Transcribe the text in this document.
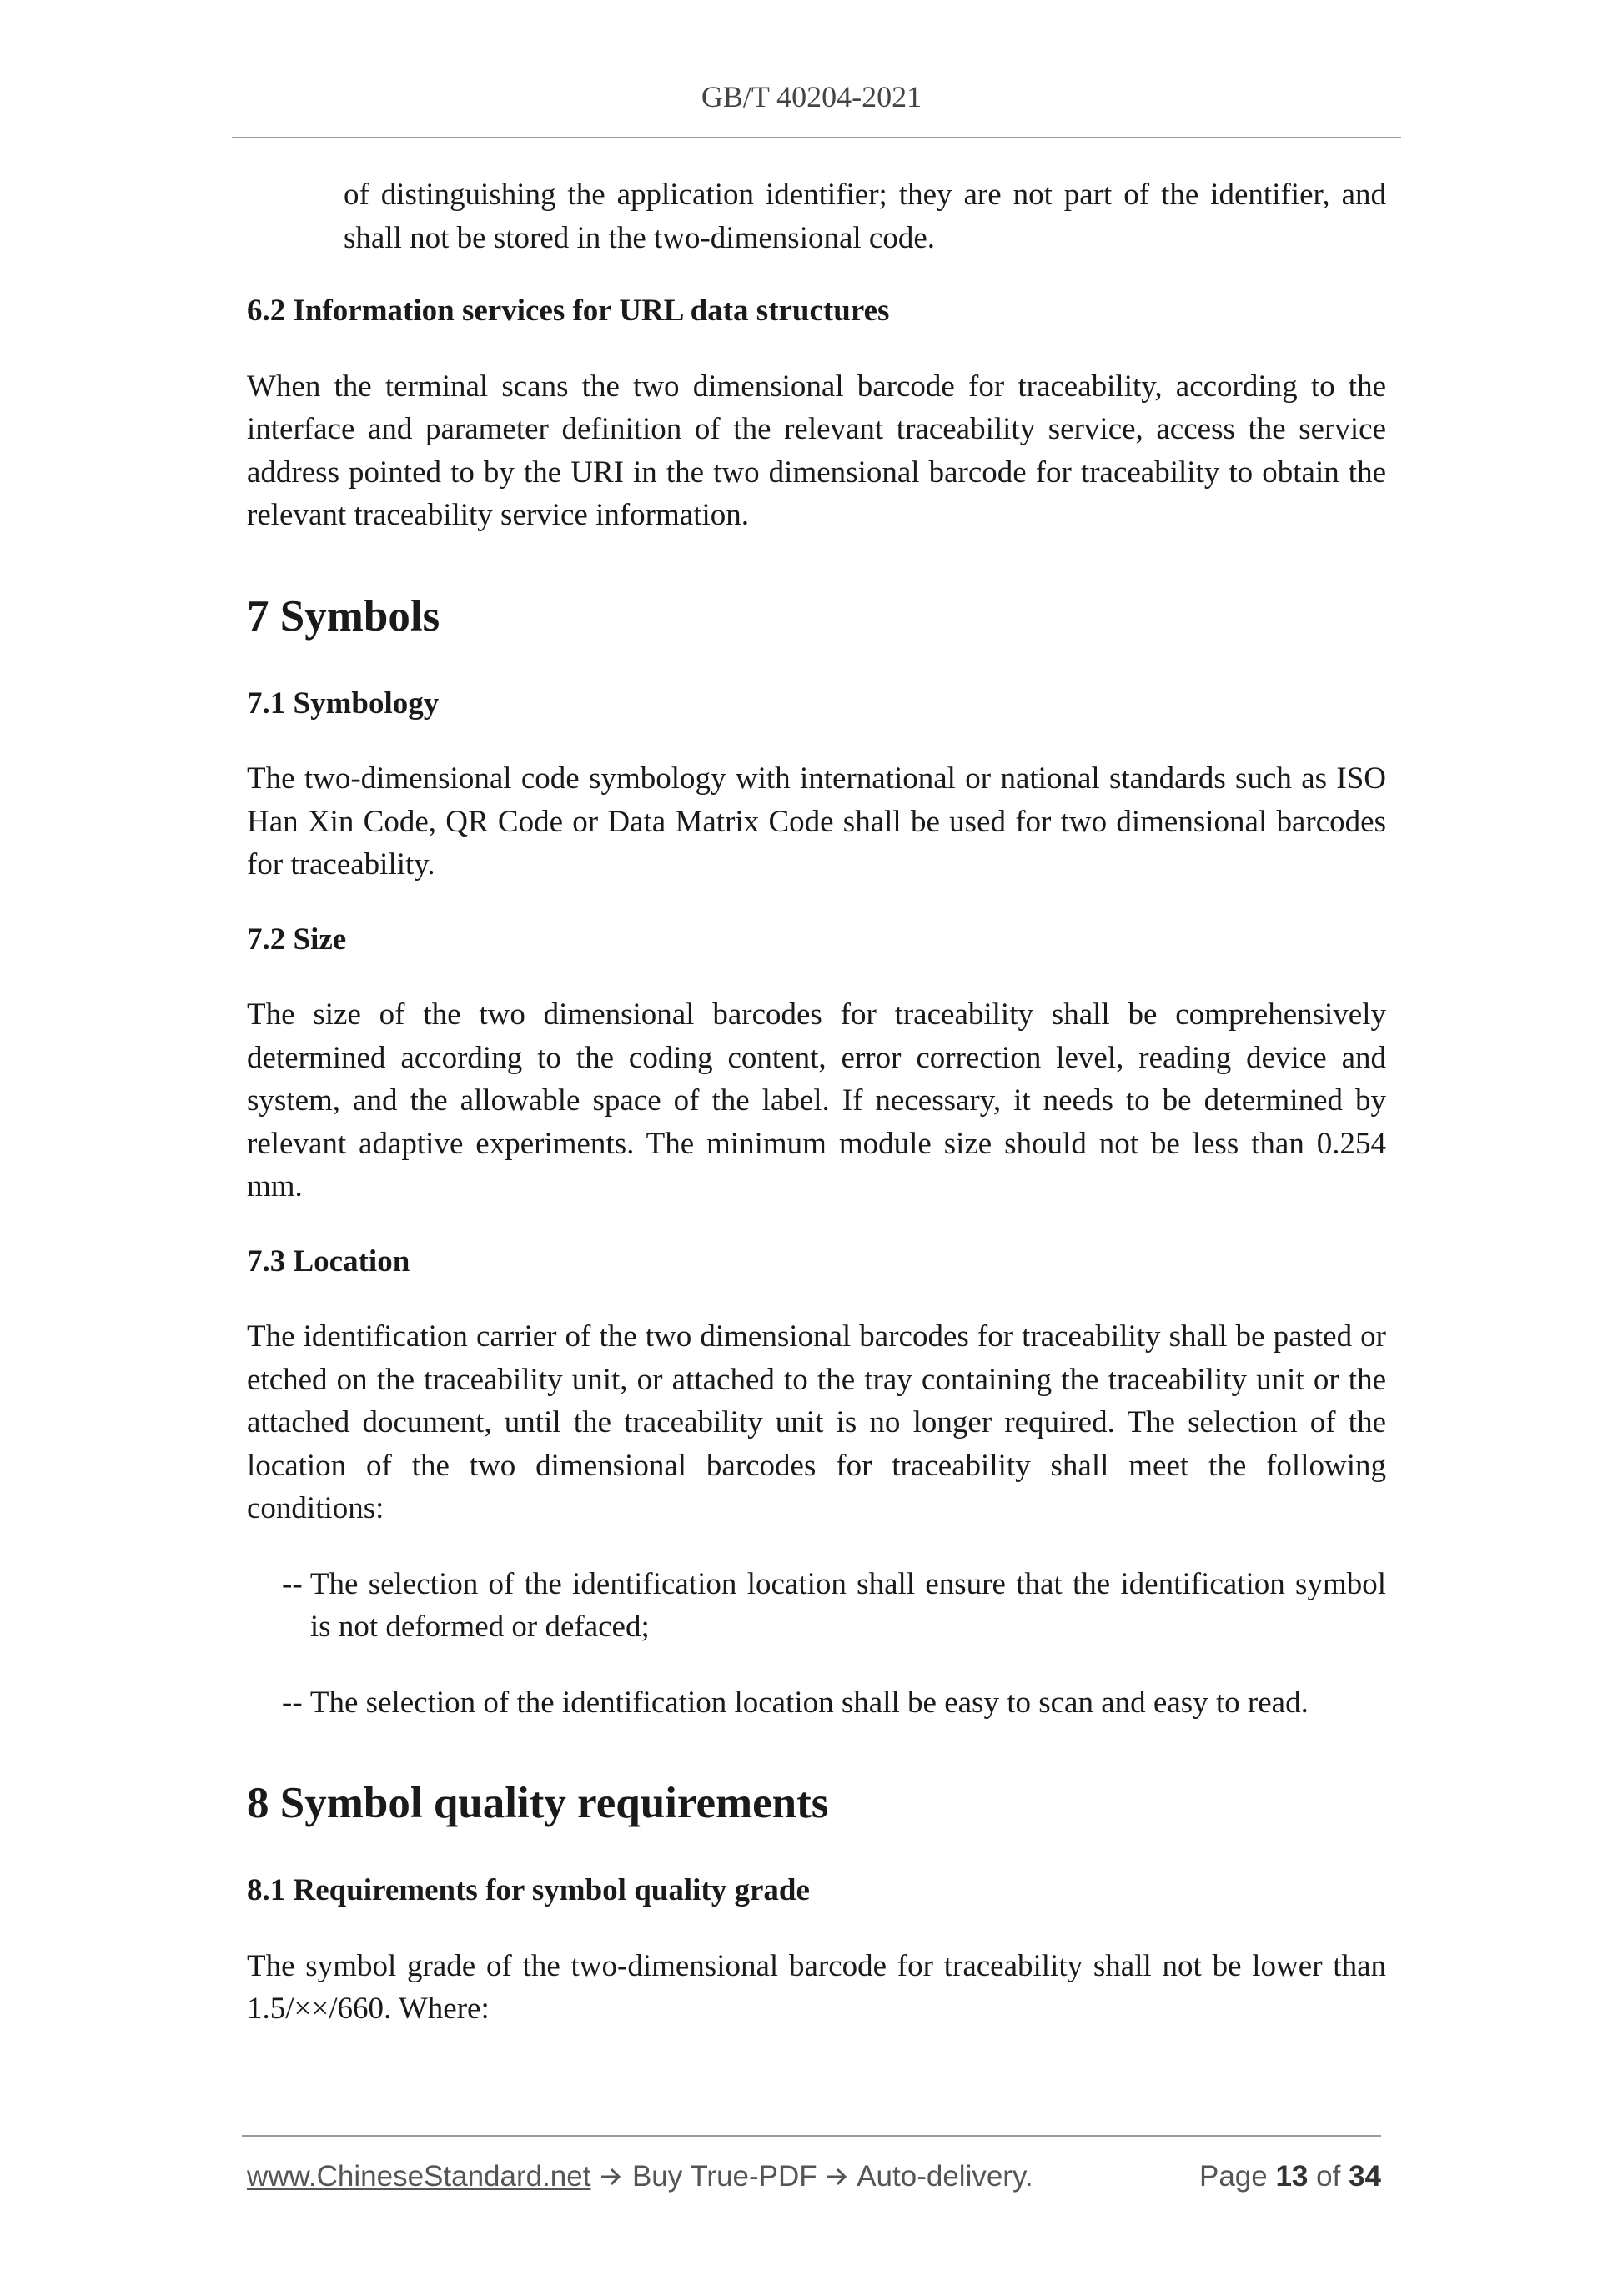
GB/T 40204-2021

of distinguishing the application identifier; they are not part of the identifier, and shall not be stored in the two-dimensional code.

6.2 Information services for URL data structures

When the terminal scans the two dimensional barcode for traceability, according to the interface and parameter definition of the relevant traceability service, access the service address pointed to by the URI in the two dimensional barcode for traceability to obtain the relevant traceability service information.

7 Symbols
7.1 Symbology

The two-dimensional code symbology with international or national standards such as ISO Han Xin Code, QR Code or Data Matrix Code shall be used for two dimensional barcodes for traceability.

7.2 Size

The size of the two dimensional barcodes for traceability shall be comprehensively determined according to the coding content, error correction level, reading device and system, and the allowable space of the label. If necessary, it needs to be determined by relevant adaptive experiments. The minimum module size should not be less than 0.254 mm.

7.3 Location

The identification carrier of the two dimensional barcodes for traceability shall be pasted or etched on the traceability unit, or attached to the tray containing the traceability unit or the attached document, until the traceability unit is no longer required. The selection of the location of the two dimensional barcodes for traceability shall meet the following conditions:

-- The selection of the identification location shall ensure that the identification symbol is not deformed or defaced;
-- The selection of the identification location shall be easy to scan and easy to read.
8 Symbol quality requirements
8.1 Requirements for symbol quality grade

The symbol grade of the two-dimensional barcode for traceability shall not be lower than 1.5/××/660. Where:

www.ChineseStandard.net Buy True-PDF Auto-delivery.	Page 13 of 34
